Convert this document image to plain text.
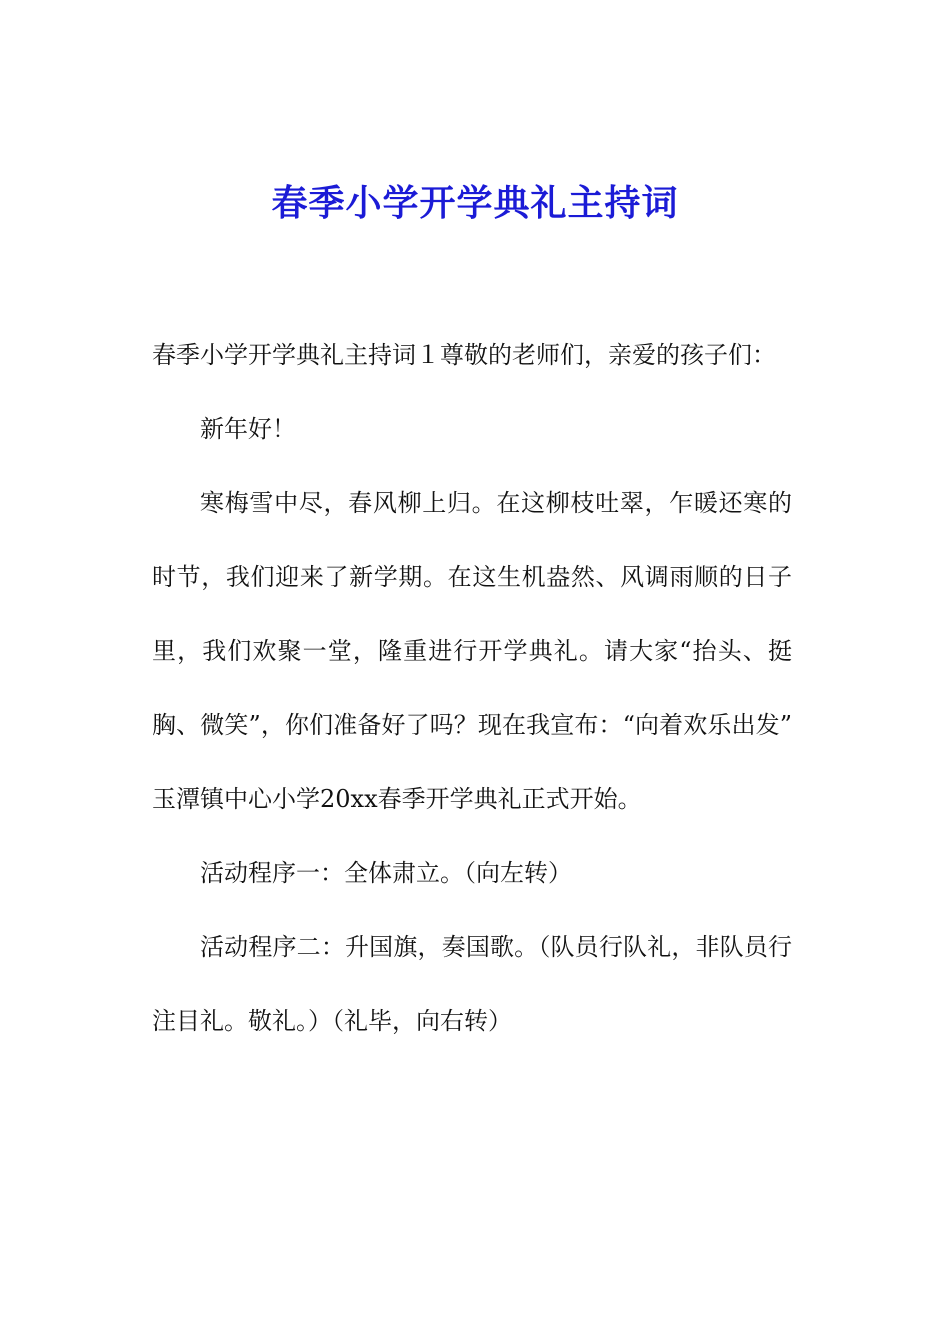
春季小学开学典礼主持词

春季小学开学典礼主持词１尊敬的老师们，亲爱的孩子们：

新年好！

寒梅雪中尽，春风柳上归。在这柳枝吐翠，乍暖还寒的时节，我们迎来了新学期。在这生机盎然、风调雨顺的日子里，我们欢聚一堂，隆重进行开学典礼。请大家“抬头、挺胸、微笑”，你们准备好了吗？现在我宣布：“向着欢乐出发” 玉潭镇中心小学20xx春季开学典礼正式开始。

活动程序一：全体肃立。（向左转）

活动程序二：升国旗，奏国歌。（队员行队礼，非队员行注目礼。敬礼。）（礼毕，向右转）
